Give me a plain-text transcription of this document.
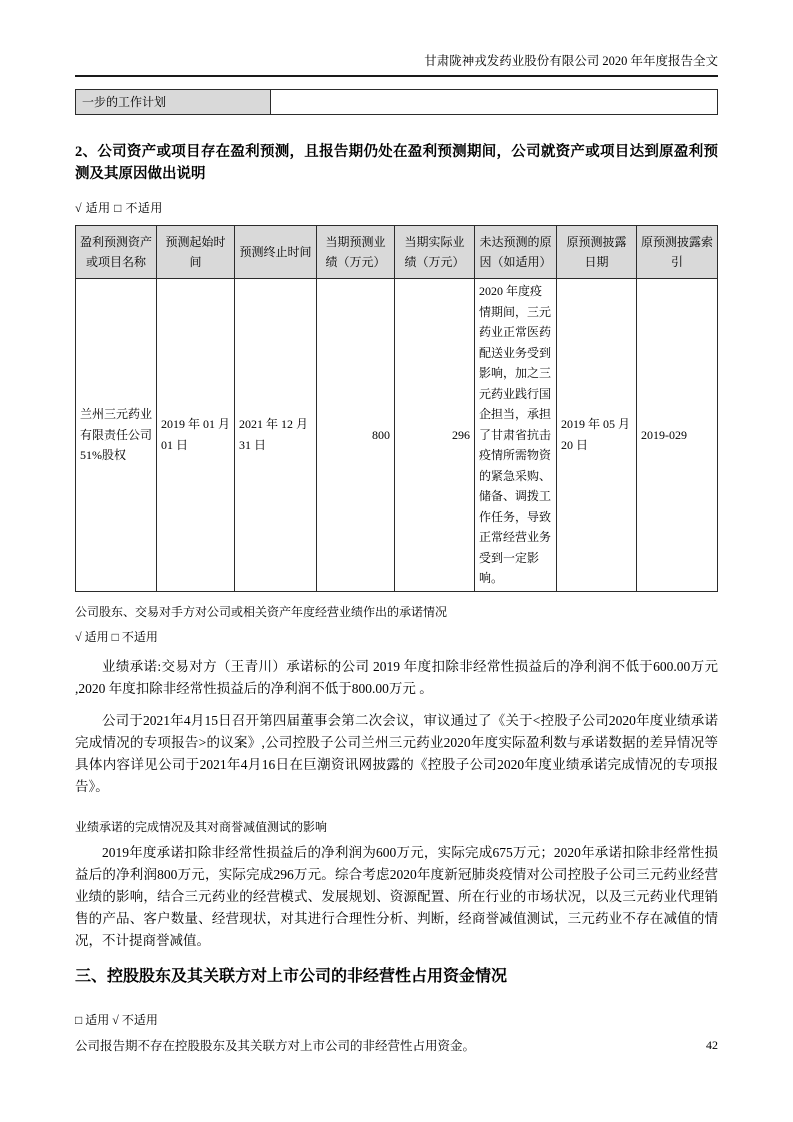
甘肃陇神戎发药业股份有限公司 2020 年年度报告全文
一步的工作计划	
2、公司资产或项目存在盈利预测，且报告期仍处在盈利预测期间，公司就资产或项目达到原盈利预测及其原因做出说明
√ 适用 □ 不适用
盈利预测资产或项目名称	预测起始时间	预测终止时间	当期预测业绩（万元）	当期实际业绩（万元）	未达预测的原因（如适用）	原预测披露日期	原预测披露索引
兰州三元药业有限责任公司51%股权	2019 年 01 月 01 日	2021 年 12 月 31 日	800	296	2020 年度疫情期间，三元药业正常医药配送业务受到影响，加之三元药业践行国企担当，承担了甘肃省抗击疫情所需物资的紧急采购、储备、调拨工作任务，导致正常经营业务受到一定影响。	2019 年 05 月 20 日	2019-029
公司股东、交易对手方对公司或相关资产年度经营业绩作出的承诺情况
√ 适用 □ 不适用

业绩承诺:交易对方（王青川）承诺标的公司 2019 年度扣除非经常性损益后的净利润不低于600.00万元 ,2020 年度扣除非经常性损益后的净利润不低于800.00万元 。

公司于2021年4月15日召开第四届董事会第二次会议，审议通过了《关于<控股子公司2020年度业绩承诺完成情况的专项报告>的议案》,公司控股子公司兰州三元药业2020年度实际盈利数与承诺数据的差异情况等具体内容详见公司于2021年4月16日在巨潮资讯网披露的《控股子公司2020年度业绩承诺完成情况的专项报告》。

业绩承诺的完成情况及其对商誉减值测试的影响

2019年度承诺扣除非经常性损益后的净利润为600万元，实际完成675万元；2020年承诺扣除非经常性损益后的净利润800万元，实际完成296万元。综合考虑2020年度新冠肺炎疫情对公司控股子公司三元药业经营业绩的影响，结合三元药业的经营模式、发展规划、资源配置、所在行业的市场状况，以及三元药业代理销售的产品、客户数量、经营现状，对其进行合理性分析、判断，经商誉减值测试，三元药业不存在减值的情况，不计提商誉减值。

三、控股股东及其关联方对上市公司的非经营性占用资金情况
□ 适用 √ 不适用
公司报告期不存在控股股东及其关联方对上市公司的非经营性占用资金。	42
